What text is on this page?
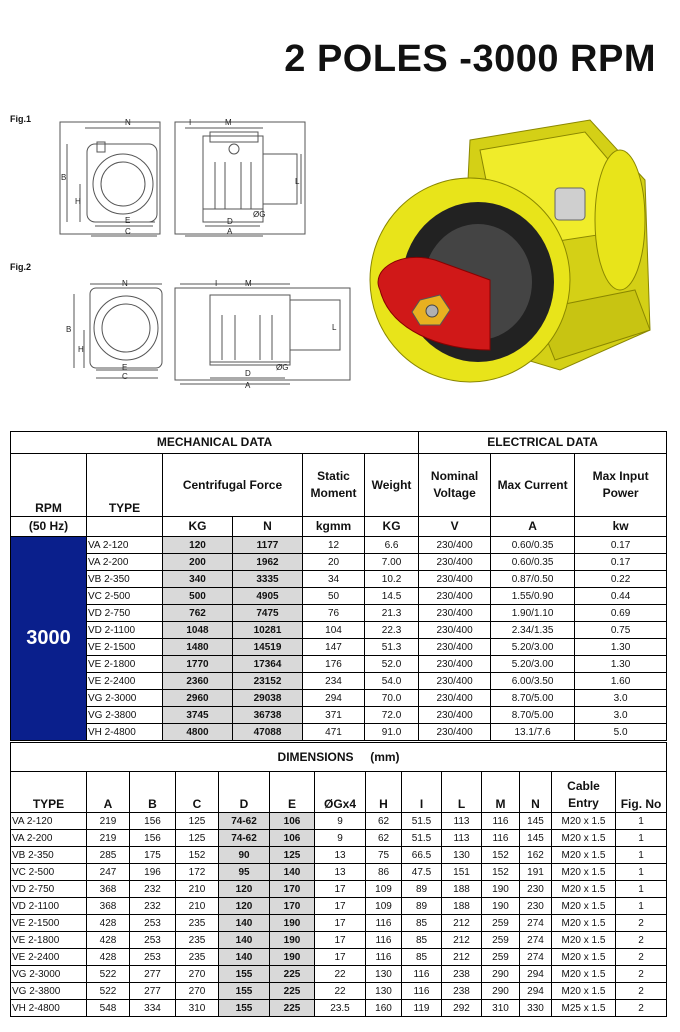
2 POLES -3000 RPM
Fig.1	N
B
H
E
C
I	M
D
ØG
A
L
Fig.2
N
B
H
E
C
I	M
D
ØG
A
L
MECHANICAL DATA						ELECTRICAL DATA		
RPM	TYPE	Centrifugal Force		Static Moment	Weight	Nominal Voltage	Max Current	Max Input Power
(50 Hz)		KG	N	kgmm	KG	V	A	kw
3000	VA 2-120	120	1177	12	6.6	230/400	0.60/0.35	0.17
	VA 2-200	200	1962	20	7.00	230/400	0.60/0.35	0.17
	VB 2-350	340	3335	34	10.2	230/400	0.87/0.50	0.22
	VC 2-500	500	4905	50	14.5	230/400	1.55/0.90	0.44
	VD 2-750	762	7475	76	21.3	230/400	1.90/1.10	0.69
	VD 2-1100	1048	10281	104	22.3	230/400	2.34/1.35	0.75
	VE 2-1500	1480	14519	147	51.3	230/400	5.20/3.00	1.30
	VE 2-1800	1770	17364	176	52.0	230/400	5.20/3.00	1.30
	VE 2-2400	2360	23152	234	54.0	230/400	6.00/3.50	1.60
	VG 2-3000	2960	29038	294	70.0	230/400	8.70/5.00	3.0
	VG 2-3800	3745	36738	371	72.0	230/400	8.70/5.00	3.0
	VH 2-4800	4800	47088	471	91.0	230/400	13.1/7.6	5.0
DIMENSIONS (mm)													
TYPE	A	B	C	D	E	ØGx4	H	I	L	M	N	Cable Entry	Fig. No
VA 2-120	219	156	125	74-62	106	9	62	51.5	113	116	145	M20 x 1.5	1
VA 2-200	219	156	125	74-62	106	9	62	51.5	113	116	145	M20 x 1.5	1
VB 2-350	285	175	152	90	125	13	75	66.5	130	152	162	M20 x 1.5	1
VC 2-500	247	196	172	95	140	13	86	47.5	151	152	191	M20 x 1.5	1
VD 2-750	368	232	210	120	170	17	109	89	188	190	230	M20 x 1.5	1
VD 2-1100	368	232	210	120	170	17	109	89	188	190	230	M20 x 1.5	1
VE 2-1500	428	253	235	140	190	17	116	85	212	259	274	M20 x 1.5	2
VE 2-1800	428	253	235	140	190	17	116	85	212	259	274	M20 x 1.5	2
VE 2-2400	428	253	235	140	190	17	116	85	212	259	274	M20 x 1.5	2
VG 2-3000	522	277	270	155	225	22	130	116	238	290	294	M20 x 1.5	2
VG 2-3800	522	277	270	155	225	22	130	116	238	290	294	M20 x 1.5	2
VH 2-4800	548	334	310	155	225	23.5	160	119	292	310	330	M25 x 1.5	2
